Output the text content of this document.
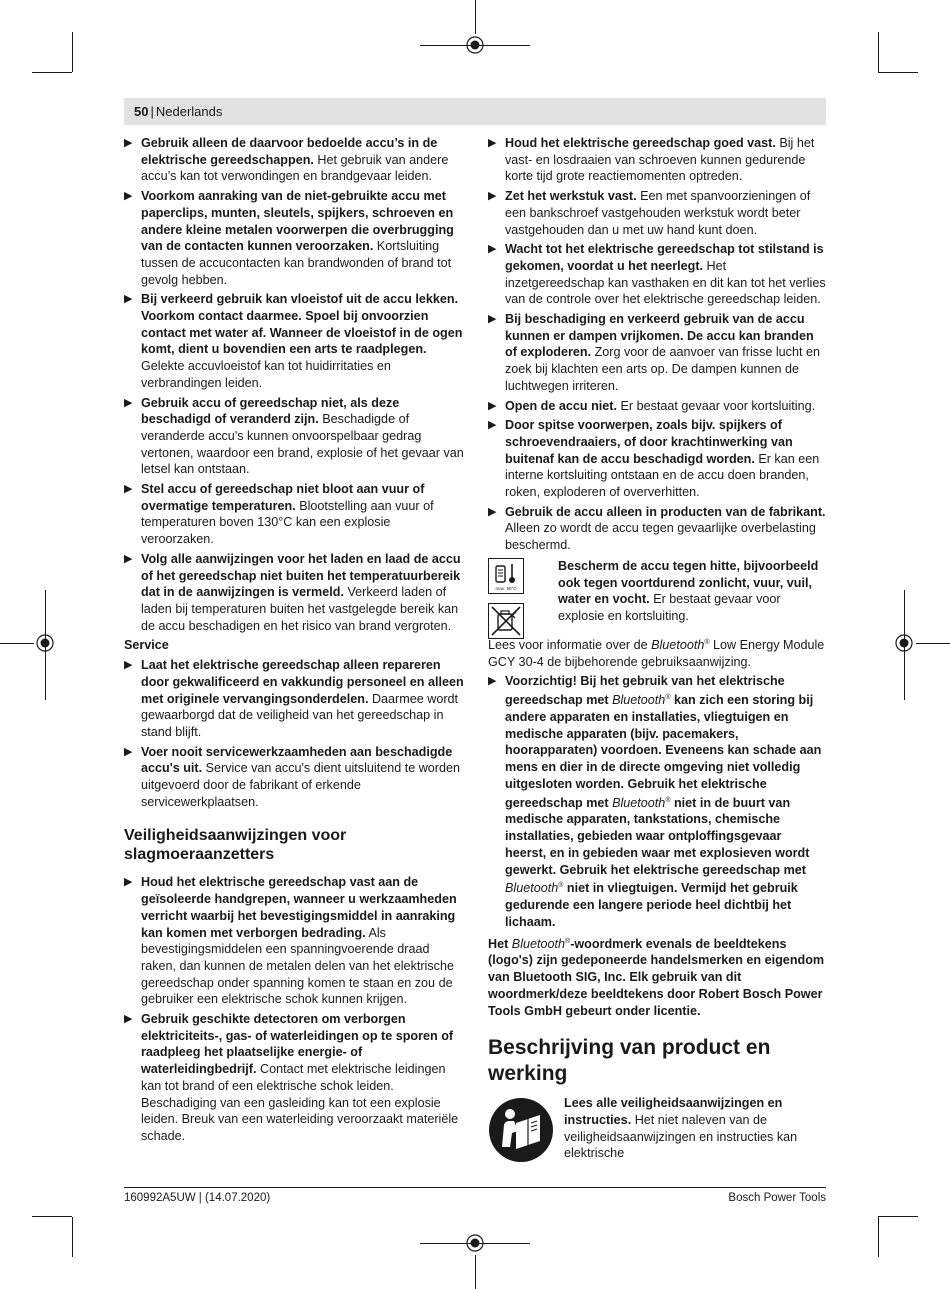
50 | Nederlands
▶ Gebruik alleen de daarvoor bedoelde accu’s in de elektrische gereedschappen. Het gebruik van andere accu’s kan tot verwondingen en brandgevaar leiden.
▶ Voorkom aanraking van de niet-gebruikte accu met paperclips, munten, sleutels, spijkers, schroeven en andere kleine metalen voorwerpen die overbrugging van de contacten kunnen veroorzaken. Kortsluiting tussen de accucontacten kan brandwonden of brand tot gevolg hebben.
▶ Bij verkeerd gebruik kan vloeistof uit de accu lekken. Voorkom contact daarmee. Spoel bij onvoorzien contact met water af. Wanneer de vloeistof in de ogen komt, dient u bovendien een arts te raadplegen. Gelekte accuvloeistof kan tot huidirritaties en verbrandingen leiden.
▶ Gebruik accu of gereedschap niet, als deze beschadigd of veranderd zijn. Beschadigde of veranderde accu's kunnen onvoorspelbaar gedrag vertonen, waardoor een brand, explosie of het gevaar van letsel kan ontstaan.
▶ Stel accu of gereedschap niet bloot aan vuur of overmatige temperaturen. Blootstelling aan vuur of temperaturen boven 130°C kan een explosie veroorzaken.
▶ Volg alle aanwijzingen voor het laden en laad de accu of het gereedschap niet buiten het temperatuurbereik dat in de aanwijzingen is vermeld. Verkeerd laden of laden bij temperaturen buiten het vastgelegde bereik kan de accu beschadigen en het risico van brand vergroten.
Service
▶ Laat het elektrische gereedschap alleen repareren door gekwalificeerd en vakkundig personeel en alleen met originele vervangingsonderdelen. Daarmee wordt gewaarborgd dat de veiligheid van het gereedschap in stand blijft.
▶ Voer nooit servicewerkzaamheden aan beschadigde accu's uit. Service van accu's dient uitsluitend te worden uitgevoerd door de fabrikant of erkende servicewerkplaatsen.
Veiligheidsaanwijzingen voor slagmoeraanzetters
▶ Houd het elektrische gereedschap vast aan de geïsoleerde handgrepen, wanneer u werkzaamheden verricht waarbij het bevestigingsmiddel in aanraking kan komen met verborgen bedrading. Als bevestigingsmiddelen een spanningvoerende draad raken, dan kunnen de metalen delen van het elektrische gereedschap onder spanning komen te staan en zou de gebruiker een elektrische schok kunnen krijgen.
▶ Gebruik geschikte detectoren om verborgen elektriciteits-, gas- of waterleidingen op te sporen of raadpleeg het plaatselijke energie- of waterleidingbedrijf. Contact met elektrische leidingen kan tot brand of een elektrische schok leiden. Beschadiging van een gasleiding kan tot een explosie leiden. Breuk van een waterleiding veroorzaakt materiële schade.
▶ Houd het elektrische gereedschap goed vast. Bij het vast- en losdraaien van schroeven kunnen gedurende korte tijd grote reactiemomenten optreden.
▶ Zet het werkstuk vast. Een met spanvoorzieningen of een bankschroef vastgehouden werkstuk wordt beter vastgehouden dan u met uw hand kunt doen.
▶ Wacht tot het elektrische gereedschap tot stilstand is gekomen, voordat u het neerlegt. Het inzetgereedschap kan vasthaken en dit kan tot het verlies van de controle over het elektrische gereedschap leiden.
▶ Bij beschadiging en verkeerd gebruik van de accu kunnen er dampen vrijkomen. De accu kan branden of exploderen. Zorg voor de aanvoer van frisse lucht en zoek bij klachten een arts op. De dampen kunnen de luchtwegen irriteren.
▶ Open de accu niet. Er bestaat gevaar voor kortsluiting.
▶ Door spitse voorwerpen, zoals bijv. spijkers of schroevendraaiers, of door krachtinwerking van buitenaf kan de accu beschadigd worden. Er kan een interne kortsluiting ontstaan en de accu doen branden, roken, exploderen of oververhitten.
▶ Gebruik de accu alleen in producten van de fabrikant. Alleen zo wordt de accu tegen gevaarlijke overbelasting beschermd.
max. 50°C

Bescherm de accu tegen hitte, bijvoorbeeld ook tegen voortdurend zonlicht, vuur, vuil, water en vocht. Er bestaat gevaar voor explosie en kortsluiting.
Lees voor informatie over de Bluetooth® Low Energy Module GCY 30-4 de bijbehorende gebruiksaanwijzing.
▶ Voorzichtig! Bij het gebruik van het elektrische gereedschap met Bluetooth® kan zich een storing bij andere apparaten en installaties, vliegtuigen en medische apparaten (bijv. pacemakers, hoorapparaten) voordoen. Eveneens kan schade aan mens en dier in de directe omgeving niet volledig uitgesloten worden. Gebruik het elektrische gereedschap met Bluetooth® niet in de buurt van medische apparaten, tankstations, chemische installaties, gebieden waar ontploffingsgevaar heerst, en in gebieden waar met explosieven wordt gewerkt. Gebruik het elektrische gereedschap met Bluetooth® niet in vliegtuigen. Vermijd het gebruik gedurende een langere periode heel dichtbij het lichaam.
Het Bluetooth®-woordmerk evenals de beeldtekens (logo's) zijn gedeponeerde handelsmerken en eigendom van Bluetooth SIG, Inc. Elk gebruik van dit woordmerk/deze beeldtekens door Robert Bosch Power Tools GmbH gebeurt onder licentie.
Beschrijving van product en werking
Lees alle veiligheidsaanwijzingen en instructies. Het niet naleven van de veiligheidsaanwijzingen en instructies kan elektrische
160992A5UW | (14.07.2020)	Bosch Power Tools
